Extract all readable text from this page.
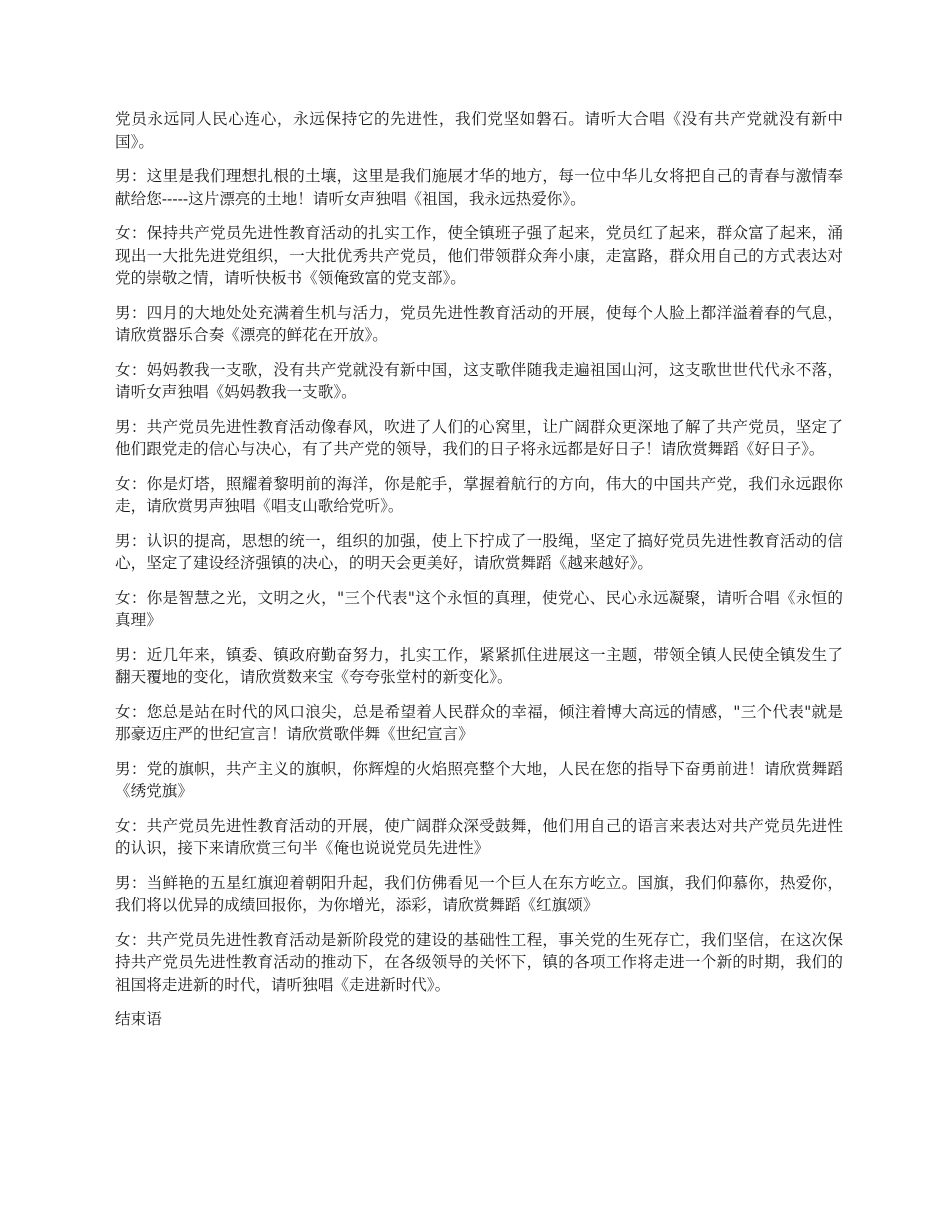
党员永远同人民心连心，永远保持它的先进性，我们党坚如磐石。请听大合唱《没有共产党就没有新中国》。

男：这里是我们理想扎根的土壤，这里是我们施展才华的地方，每一位中华儿女将把自己的青春与激情奉献给您-----这片漂亮的土地！请听女声独唱《祖国，我永远热爱你》。

女：保持共产党员先进性教育活动的扎实工作，使全镇班子强了起来，党员红了起来，群众富了起来，涌现出一大批先进党组织，一大批优秀共产党员，他们带领群众奔小康，走富路，群众用自己的方式表达对党的崇敬之情，请听快板书《领俺致富的党支部》。

男：四月的大地处处充满着生机与活力，党员先进性教育活动的开展，使每个人脸上都洋溢着春的气息，请欣赏器乐合奏《漂亮的鲜花在开放》。

女：妈妈教我一支歌，没有共产党就没有新中国，这支歌伴随我走遍祖国山河，这支歌世世代代永不落，请听女声独唱《妈妈教我一支歌》。

男：共产党员先进性教育活动像春风，吹进了人们的心窝里，让广阔群众更深地了解了共产党员，坚定了他们跟党走的信心与决心，有了共产党的领导，我们的日子将永远都是好日子！请欣赏舞蹈《好日子》。

女：你是灯塔，照耀着黎明前的海洋，你是舵手，掌握着航行的方向，伟大的中国共产党，我们永远跟你走，请欣赏男声独唱《唱支山歌给党听》。

男：认识的提高，思想的统一，组织的加强，使上下拧成了一股绳，坚定了搞好党员先进性教育活动的信心，坚定了建设经济强镇的决心，的明天会更美好，请欣赏舞蹈《越来越好》。

女：你是智慧之光，文明之火，"三个代表"这个永恒的真理，使党心、民心永远凝聚，请听合唱《永恒的真理》

男：近几年来，镇委、镇政府勤奋努力，扎实工作，紧紧抓住进展这一主题，带领全镇人民使全镇发生了翻天覆地的变化，请欣赏数来宝《夸夸张堂村的新变化》。

女：您总是站在时代的风口浪尖，总是希望着人民群众的幸福，倾注着博大高远的情感，"三个代表"就是那豪迈庄严的世纪宣言！请欣赏歌伴舞《世纪宣言》

男：党的旗帜，共产主义的旗帜，你辉煌的火焰照亮整个大地，人民在您的指导下奋勇前进！请欣赏舞蹈《绣党旗》

女：共产党员先进性教育活动的开展，使广阔群众深受鼓舞，他们用自己的语言来表达对共产党员先进性的认识，接下来请欣赏三句半《俺也说说党员先进性》

男：当鲜艳的五星红旗迎着朝阳升起，我们仿佛看见一个巨人在东方屹立。国旗，我们仰慕你，热爱你，我们将以优异的成绩回报你，为你增光，添彩，请欣赏舞蹈《红旗颂》

女：共产党员先进性教育活动是新阶段党的建设的基础性工程，事关党的生死存亡，我们坚信，在这次保持共产党员先进性教育活动的推动下，在各级领导的关怀下，镇的各项工作将走进一个新的时期，我们的祖国将走进新的时代，请听独唱《走进新时代》。

结束语
